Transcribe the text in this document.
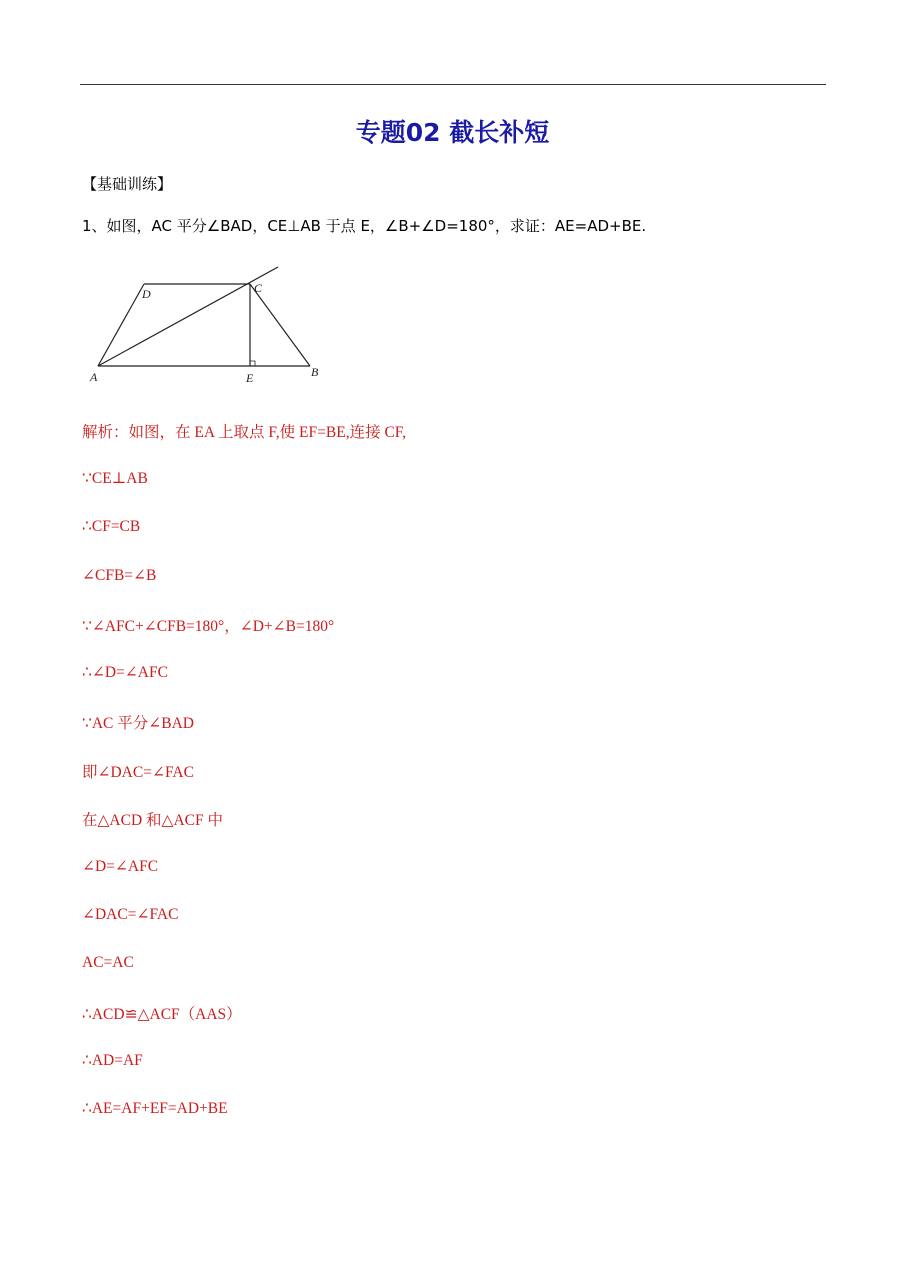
专题02 截长补短
【基础训练】
1、如图，AC 平分∠BAD，CE⊥AB 于点 E，∠B+∠D=180°，求证：AE=AD+BE.
A
D	C
E	B
解析：如图，在 EA 上取点 F,使 EF=BE,连接 CF,
∵CE⊥AB
∴CF=CB
∠CFB=∠B
∵∠AFC+∠CFB=180°，∠D+∠B=180°
∴∠D=∠AFC
∵AC 平分∠BAD
即∠DAC=∠FAC
在△ACD 和△ACF 中
∠D=∠AFC
∠DAC=∠FAC
AC=AC
∴ACD≌△ACF（AAS）
∴AD=AF
∴AE=AF+EF=AD+BE
